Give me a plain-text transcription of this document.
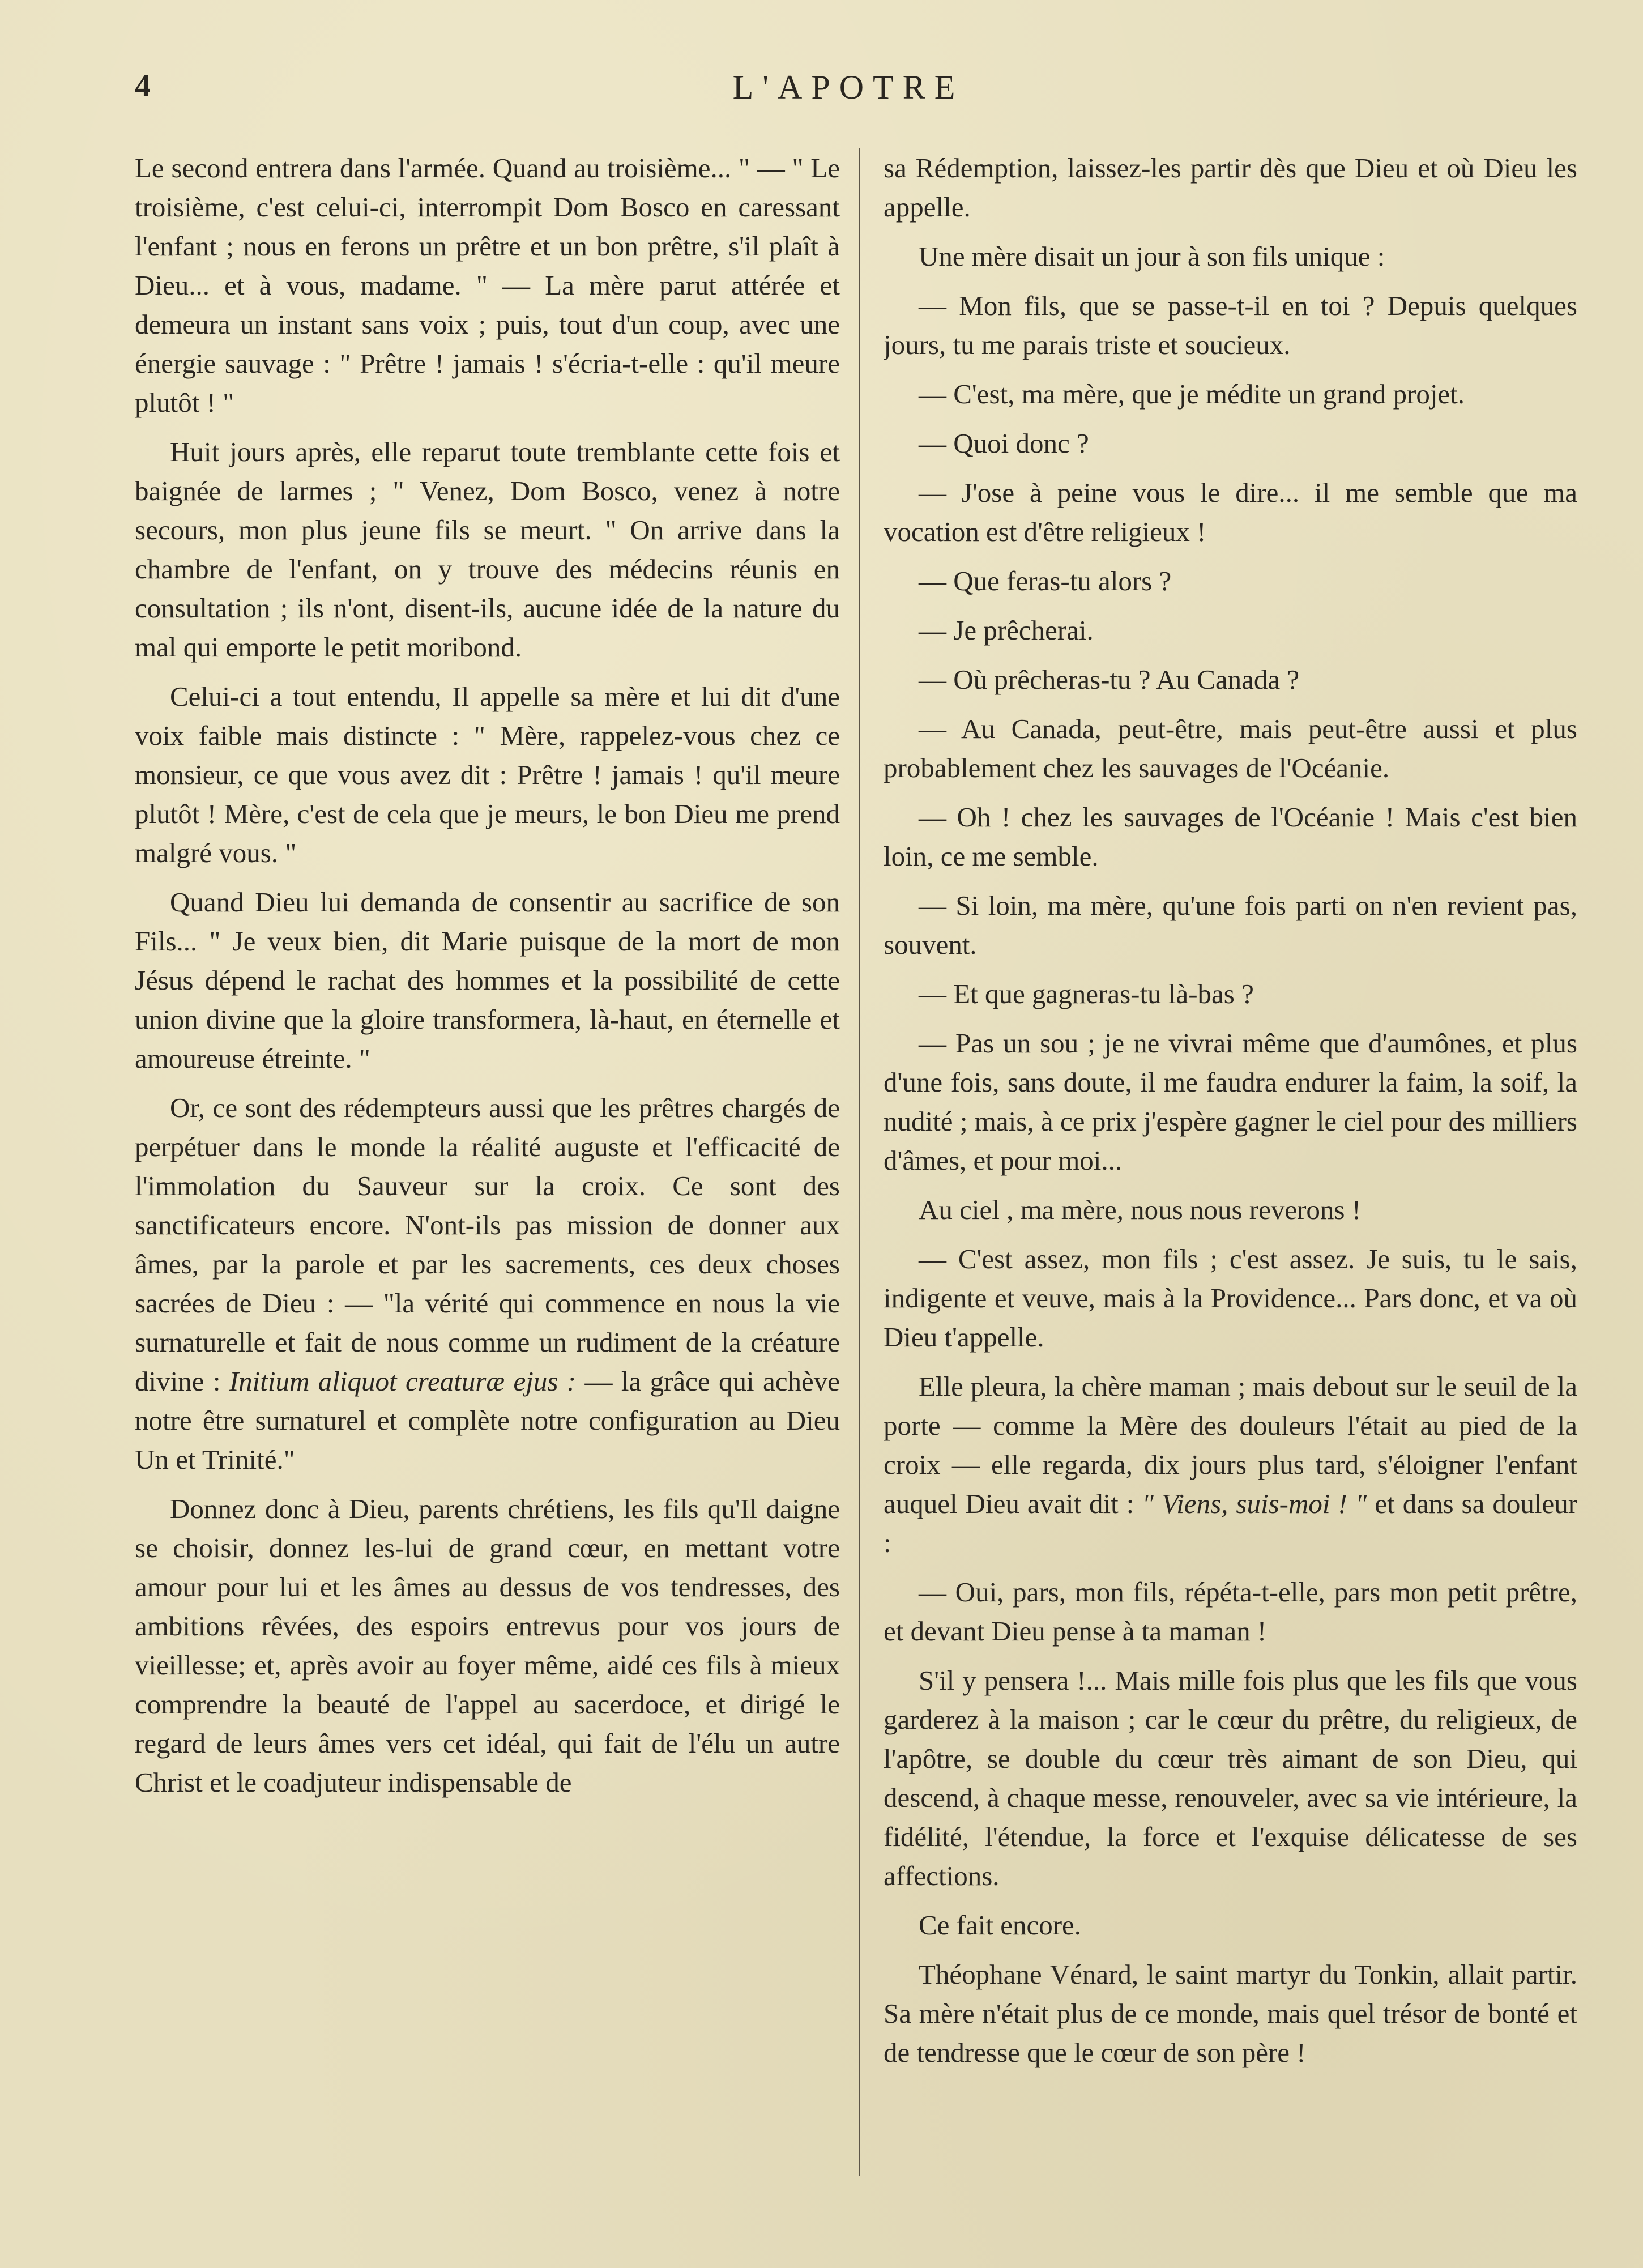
4	L'APOTRE

Le second entrera dans l'armée. Quand au troisième... " — " Le troisième, c'est celui-ci, interrompit Dom Bosco en caressant l'enfant ; nous en ferons un prêtre et un bon prêtre, s'il plaît à Dieu... et à vous, madame. " — La mère parut attérée et demeura un instant sans voix ; puis, tout d'un coup, avec une énergie sauvage : " Prêtre ! jamais ! s'écria-t-elle : qu'il meure plutôt ! "

Huit jours après, elle reparut toute tremblante cette fois et baignée de larmes ; " Venez, Dom Bosco, venez à notre secours, mon plus jeune fils se meurt. " On arrive dans la chambre de l'enfant, on y trouve des médecins réunis en consultation ; ils n'ont, disent-ils, aucune idée de la nature du mal qui emporte le petit moribond.

Celui-ci a tout entendu, Il appelle sa mère et lui dit d'une voix faible mais distincte : " Mère, rappelez-vous chez ce monsieur, ce que vous avez dit : Prêtre ! jamais ! qu'il meure plutôt ! Mère, c'est de cela que je meurs, le bon Dieu me prend malgré vous. "

Quand Dieu lui demanda de consentir au sacrifice de son Fils... " Je veux bien, dit Marie puisque de la mort de mon Jésus dépend le rachat des hommes et la possibilité de cette union divine que la gloire transformera, là-haut, en éternelle et amoureuse étreinte. "

Or, ce sont des rédempteurs aussi que les prêtres chargés de perpétuer dans le monde la réalité auguste et l'efficacité de l'immolation du Sauveur sur la croix. Ce sont des sanctificateurs encore. N'ont-ils pas mission de donner aux âmes, par la parole et par les sacrements, ces deux choses sacrées de Dieu : — "la vérité qui commence en nous la vie surnaturelle et fait de nous comme un rudiment de la créature divine : Initium aliquot creaturæ ejus : — la grâce qui achève notre être surnaturel et complète notre configuration au Dieu Un et Trinité."

Donnez donc à Dieu, parents chrétiens, les fils qu'Il daigne se choisir, donnez les-lui de grand cœur, en mettant votre amour pour lui et les âmes au dessus de vos tendresses, des ambitions rêvées, des espoirs entrevus pour vos jours de vieillesse; et, après avoir au foyer même, aidé ces fils à mieux comprendre la beauté de l'appel au sacerdoce, et dirigé le regard de leurs âmes vers cet idéal, qui fait de l'élu un autre Christ et le coadjuteur indispensable de

sa Rédemption, laissez-les partir dès que Dieu et où Dieu les appelle.

Une mère disait un jour à son fils unique :

— Mon fils, que se passe-t-il en toi ? Depuis quelques jours, tu me parais triste et soucieux.

— C'est, ma mère, que je médite un grand projet.

— Quoi donc ?

— J'ose à peine vous le dire... il me semble que ma vocation est d'être religieux !

— Que feras-tu alors ?

— Je prêcherai.

— Où prêcheras-tu ? Au Canada ?

— Au Canada, peut-être, mais peut-être aussi et plus probablement chez les sauvages de l'Océanie.

— Oh ! chez les sauvages de l'Océanie ! Mais c'est bien loin, ce me semble.

— Si loin, ma mère, qu'une fois parti on n'en revient pas, souvent.

— Et que gagneras-tu là-bas ?

— Pas un sou ; je ne vivrai même que d'aumônes, et plus d'une fois, sans doute, il me faudra endurer la faim, la soif, la nudité ; mais, à ce prix j'espère gagner le ciel pour des milliers d'âmes, et pour moi...

Au ciel , ma mère, nous nous reverons !

— C'est assez, mon fils ; c'est assez. Je suis, tu le sais, indigente et veuve, mais à la Providence... Pars donc, et va où Dieu t'appelle.

Elle pleura, la chère maman ; mais debout sur le seuil de la porte — comme la Mère des douleurs l'était au pied de la croix — elle regarda, dix jours plus tard, s'éloigner l'enfant auquel Dieu avait dit : " Viens, suis-moi ! " et dans sa douleur :

— Oui, pars, mon fils, répéta-t-elle, pars mon petit prêtre, et devant Dieu pense à ta maman !

S'il y pensera !... Mais mille fois plus que les fils que vous garderez à la maison ; car le cœur du prêtre, du religieux, de l'apôtre, se double du cœur très aimant de son Dieu, qui descend, à chaque messe, renouveler, avec sa vie intérieure, la fidélité, l'étendue, la force et l'exquise délicatesse de ses affections.

Ce fait encore.

Théophane Vénard, le saint martyr du Tonkin, allait partir. Sa mère n'était plus de ce monde, mais quel trésor de bonté et de tendresse que le cœur de son père !
